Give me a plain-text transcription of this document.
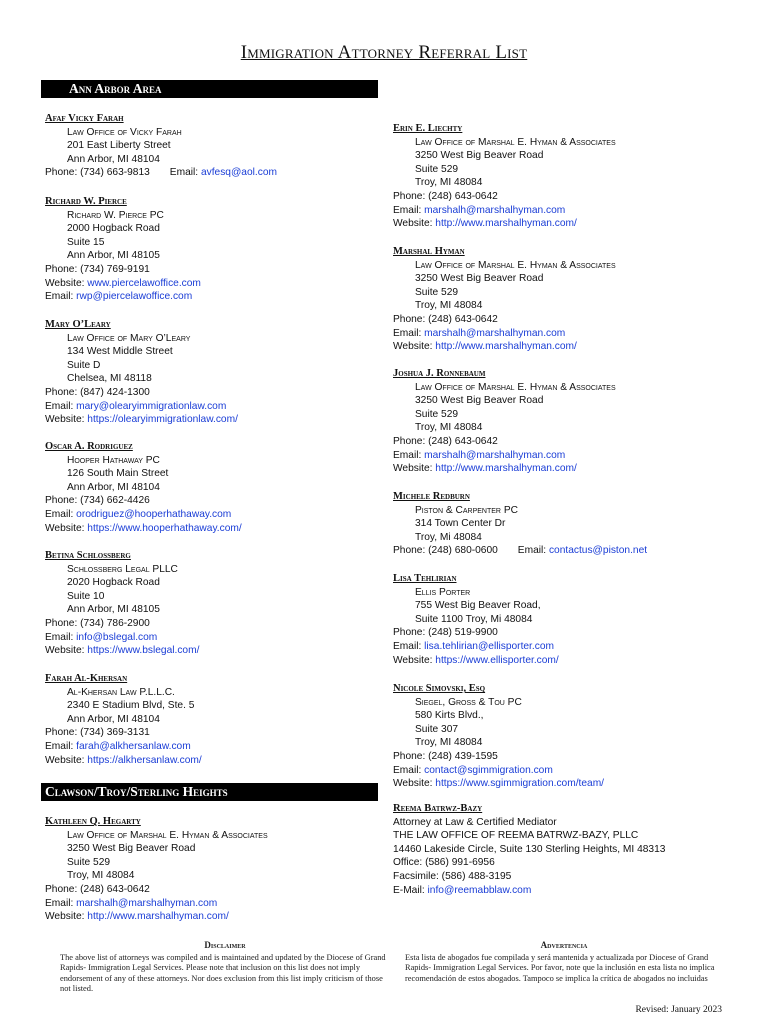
Immigration Attorney Referral List
Ann Arbor Area
Clawson/Troy/Sterling Heights
Reema Batrwz-Bazy
Attorney at Law & Certified Mediator
THE LAW OFFICE OF REEMA BATRWZ-BAZY, PLLC
14460 Lakeside Circle, Suite 130 Sterling Heights, MI 48313
Office: (586) 991-6956
Facsimile: (586) 488-3195
E-Mail: info@reemabblaw.com
Disclaimer
The above list of attorneys was compiled and is maintained and updated by the Diocese of Grand Rapids- Immigration Legal Services. Please note that inclusion on this list does not imply endorsement of any of these attorneys. Nor does exclusion from this list imply criticism of those not listed.
Advertencia
Esta lista de abogados fue compilada y será mantenida y actualizada por Diocese of Grand Rapids- Immigration Legal Services. Por favor, note que la inclusión en esta lista no implica recomendación de estos abogados. Tampoco se implica la crítica de abogados no incluidas
Revised: January 2023
Afaf Vicky Farah
Law Office of Vicky Farah
201 East Liberty Street
Ann Arbor, MI 48104
Phone: (734) 663-9813 Email: avfesq@aol.com
Richard W. Pierce
Richard W. Pierce PC
2000 Hogback Road
Suite 15
Ann Arbor, MI 48105
Phone: (734) 769-9191
Website: www.piercelawoffice.com
Email: rwp@piercelawoffice.com
Mary O’Leary
Law Office of Mary O’Leary
134 West Middle Street
Suite D
Chelsea, MI 48118
Phone: (847) 424-1300
Email: mary@olearyimmigrationlaw.com
Website: https://olearyimmigrationlaw.com/
Oscar A. Rodriguez
Hooper Hathaway PC
126 South Main Street
Ann Arbor, MI 48104
Phone: (734) 662-4426
Email: orodriguez@hooperhathaway.com
Website: https://www.hooperhathaway.com/
Betina Schlossberg
Schlossberg Legal PLLC
2020 Hogback Road
Suite 10
Ann Arbor, MI 48105
Phone: (734) 786-2900
Email: info@bslegal.com
Website: https://www.bslegal.com/
Farah Al-Khersan
Al-Khersan Law P.L.L.C.
2340 E Stadium Blvd, Ste. 5
Ann Arbor, MI 48104
Phone: (734) 369-3131
Email: farah@alkhersanlaw.com
Website: https://alkhersanlaw.com/
Kathleen Q. Hegarty
Law Office of Marshal E. Hyman & Associates
3250 West Big Beaver Road
Suite 529
Troy, MI 48084
Phone: (248) 643-0642
Email: marshalh@marshalhyman.com
Website: http://www.marshalhyman.com/
Erin E. Liechty
Law Office of Marshal E. Hyman & Associates
3250 West Big Beaver Road
Suite 529
Troy, MI 48084
Phone: (248) 643-0642
Email: marshalh@marshalhyman.com
Website: http://www.marshalhyman.com/
Marshal Hyman
Law Office of Marshal E. Hyman & Associates
3250 West Big Beaver Road
Suite 529
Troy, MI 48084
Phone: (248) 643-0642
Email: marshalh@marshalhyman.com
Website: http://www.marshalhyman.com/
Joshua J. Ronnebaum
Law Office of Marshal E. Hyman & Associates
3250 West Big Beaver Road
Suite 529
Troy, MI 48084
Phone: (248) 643-0642
Email: marshalh@marshalhyman.com
Website: http://www.marshalhyman.com/
Michele Redburn
Piston & Carpenter PC
314 Town Center Dr
Troy, Mi 48084
Phone: (248) 680-0600 Email: contactus@piston.net
Lisa Tehlirian
Ellis Porter
755 West Big Beaver Road,
Suite 1100 Troy, Mi 48084
Phone: (248) 519-9900
Email: lisa.tehlirian@ellisporter.com
Website: https://www.ellisporter.com/
Nicole Simovski, Esq
Siegel, Gross & Tou PC
580 Kirts Blvd.,
Suite 307
Troy, MI 48084
Phone: (248) 439-1595
Email: contact@sgimmigration.com
Website: https://www.sgimmigration.com/team/
